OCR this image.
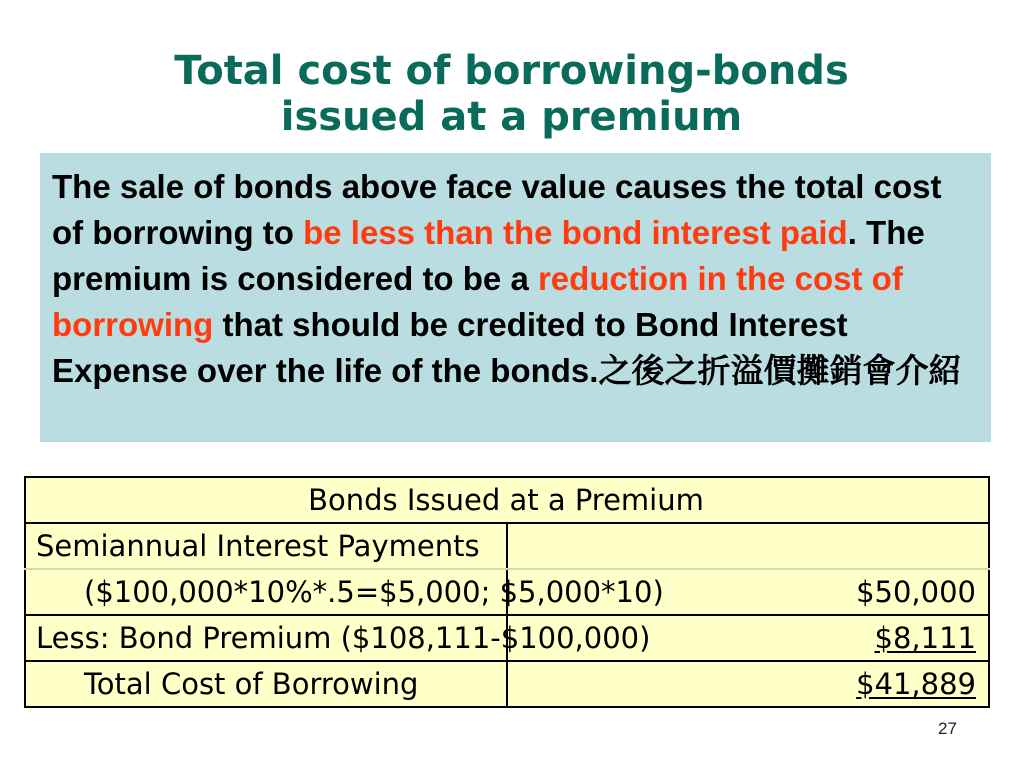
Total cost of borrowing-bonds
issued at a premium
The sale of bonds above face value causes the total cost of borrowing to be less than the bond interest paid. The premium is considered to be a reduction in the cost of borrowing that should be credited to Bond Interest Expense over the life of the bonds.之後之折溢價攤銷會介紹
Bonds Issued at a Premium	
Semiannual Interest Payments	
($100,000*10%*.5=$5,000; $5,000*10)	$50,000
Less: Bond Premium ($108,111-$100,000)	$8,111
Total Cost of Borrowing	$41,889
27
